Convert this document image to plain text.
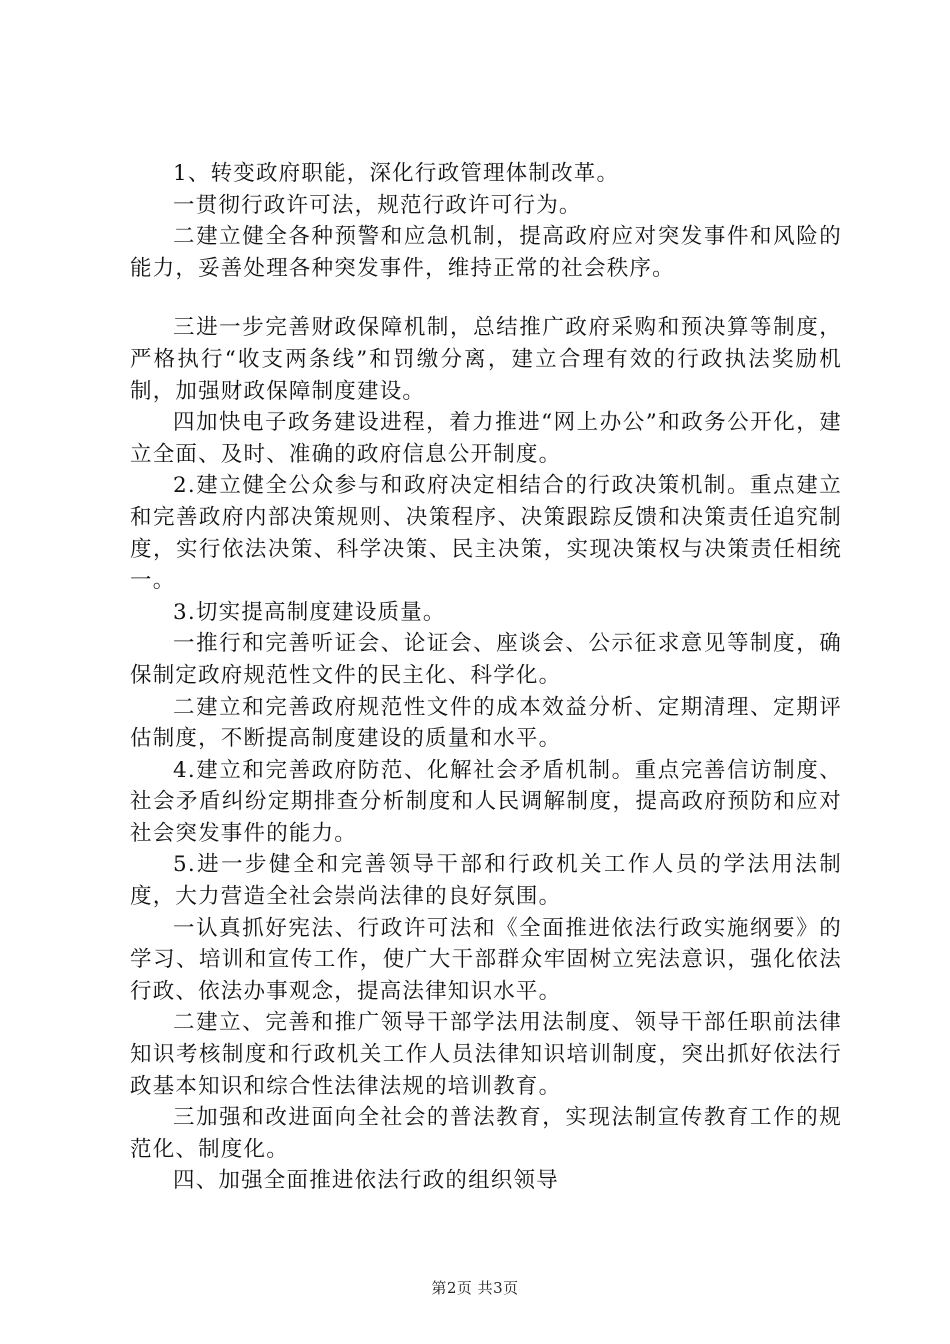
1、转变政府职能，深化行政管理体制改革。

一贯彻行政许可法，规范行政许可行为。

二建立健全各种预警和应急机制，提高政府应对突发事件和风险的能力，妥善处理各种突发事件，维持正常的社会秩序。

三进一步完善财政保障机制，总结推广政府采购和预决算等制度，严格执行“收支两条线”和罚缴分离，建立合理有效的行政执法奖励机制，加强财政保障制度建设。

四加快电子政务建设进程，着力推进“网上办公”和政务公开化，建立全面、及时、准确的政府信息公开制度。

2.建立健全公众参与和政府决定相结合的行政决策机制。重点建立和完善政府内部决策规则、决策程序、决策跟踪反馈和决策责任追究制度，实行依法决策、科学决策、民主决策，实现决策权与决策责任相统一。

3.切实提高制度建设质量。

一推行和完善听证会、论证会、座谈会、公示征求意见等制度，确保制定政府规范性文件的民主化、科学化。

二建立和完善政府规范性文件的成本效益分析、定期清理、定期评估制度，不断提高制度建设的质量和水平。

4.建立和完善政府防范、化解社会矛盾机制。重点完善信访制度、社会矛盾纠纷定期排查分析制度和人民调解制度，提高政府预防和应对社会突发事件的能力。

5.进一步健全和完善领导干部和行政机关工作人员的学法用法制度，大力营造全社会崇尚法律的良好氛围。

一认真抓好宪法、行政许可法和《全面推进依法行政实施纲要》的学习、培训和宣传工作，使广大干部群众牢固树立宪法意识，强化依法行政、依法办事观念，提高法律知识水平。

二建立、完善和推广领导干部学法用法制度、领导干部任职前法律知识考核制度和行政机关工作人员法律知识培训制度，突出抓好依法行政基本知识和综合性法律法规的培训教育。

三加强和改进面向全社会的普法教育，实现法制宣传教育工作的规范化、制度化。

四、加强全面推进依法行政的组织领导

第2页 共3页
